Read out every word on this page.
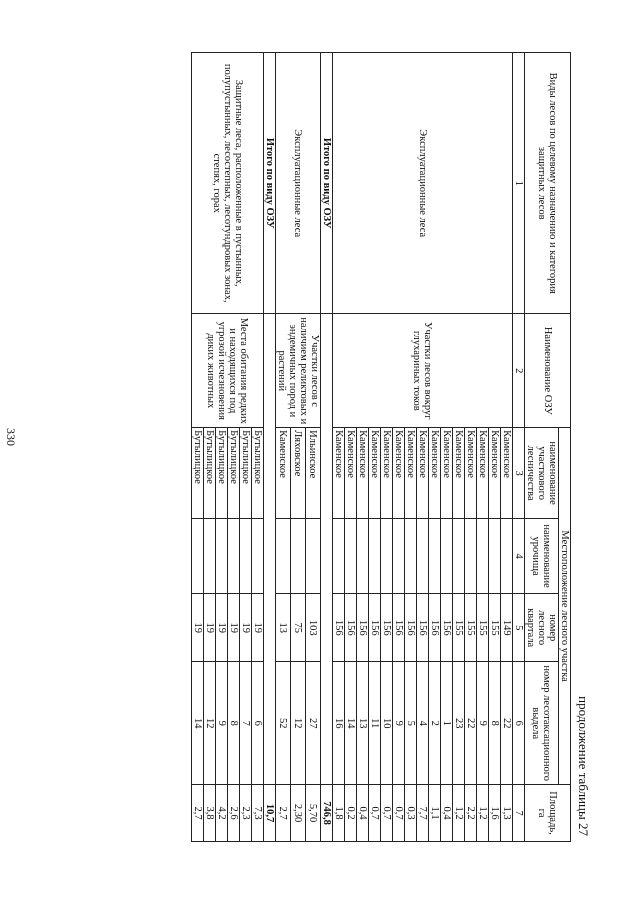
330
продолжение таблицы 27
Виды лесов по целевому назначению и категория защитных лесов	Наименование ОЗУ	Местоположение лесного участка				Площадь, га
		наименование участкового лесничества	наименование урочища	номер лесного квартала	номер лесотаксационного выдела	
1	2	3	4	5	6	7
Эксплуатационные леса	Участки лесов вокруг глухариных токов	Каменское		149	22	1,3
		Каменское		155	8	1,6
		Каменское		155	9	1,2
		Каменское		155	22	2,2
		Каменское		155	23	1,2
		Каменское		156	1	0,4
		Каменское		156	2	1,1
		Каменское		156	4	7,7
		Каменское		156	5	0,3
		Каменское		156	9	0,7
		Каменское		156	10	0,7
		Каменское		156	11	0,7
		Каменское		156	13	0,4
		Каменское		156	14	0,2
		Каменское		156	16	1,8
Итого по виду ОЗУ						746,8
Эксплуатационные леса	Участки лесов с наличием реликтовых и эндемичных пород и растений	Ильинское		103	27	5,70
		Ляховское		75	12	2,30
		Каменское		13	52	2,7
Итого по виду ОЗУ						10,7
Защитные леса, расположенные в пустынных, полупустынных, лесостепных, лесотундровых зонах, степях, горах	Места обитания редких и находящихся под угрозой исчезновения диких животных	Бутылицкое		19	6	7,3
		Бутылицкое		19	7	2,3
		Бутылицкое		19	8	2,6
		Бутылицкое		19	9	4,2
		Бутылицкое		19	12	3,8
		Бутылицкое		19	14	2,7
